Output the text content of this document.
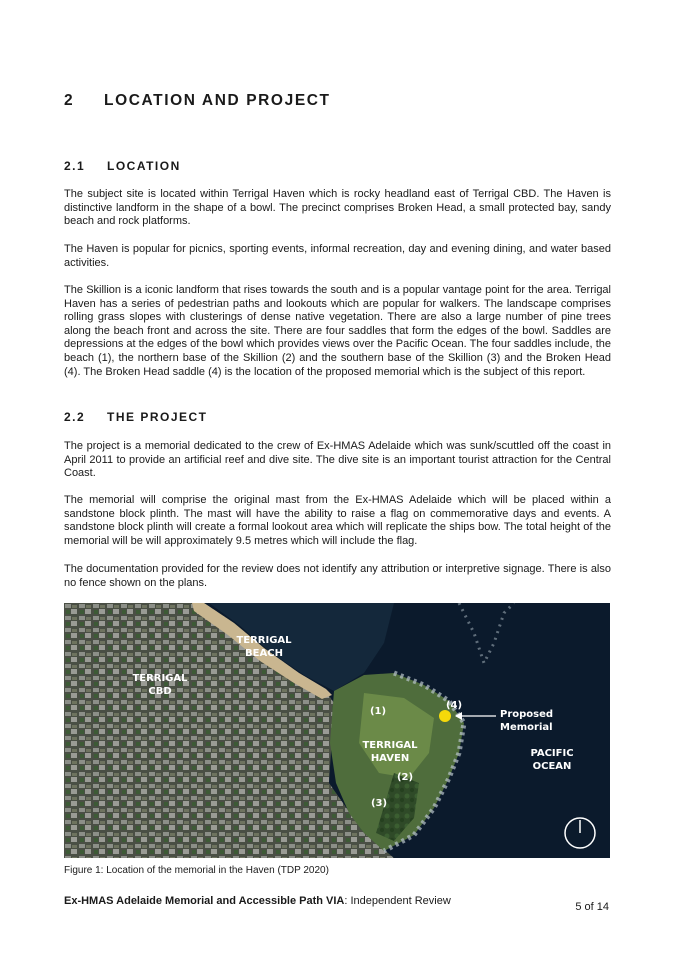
2 LOCATION AND PROJECT
2.1 LOCATION

The subject site is located within Terrigal Haven which is rocky headland east of Terrigal CBD. The Haven is distinctive landform in the shape of a bowl. The precinct comprises Broken Head, a small protected bay, sandy beach and rock platforms.

The Haven is popular for picnics, sporting events, informal recreation, day and evening dining, and water based activities.

The Skillion is a iconic landform that rises towards the south and is a popular vantage point for the area. Terrigal Haven has a series of pedestrian paths and lookouts which are popular for walkers. The landscape comprises rolling grass slopes with clusterings of dense native vegetation. There are also a large number of pine trees along the beach front and across the site. There are four saddles that form the edges of the bowl. Saddles are depressions at the edges of the bowl which provides views over the Pacific Ocean. The four saddles include, the beach (1), the northern base of the Skillion (2) and the southern base of the Skillion (3) and the Broken Head (4). The Broken Head saddle (4) is the location of the proposed memorial which is the subject of this report.

2.2 THE PROJECT

The project is a memorial dedicated to the crew of Ex-HMAS Adelaide which was sunk/scuttled off the coast in April 2011 to provide an artificial reef and dive site. The dive site is an important tourist attraction for the Central Coast.

The memorial will comprise the original mast from the Ex-HMAS Adelaide which will be placed within a sandstone block plinth. The mast will have the ability to raise a flag on commemorative days and events. A sandstone block plinth will create a formal lookout area which will replicate the ships bow. The total height of the memorial will be will approximately 9.5 metres which will include the flag.

The documentation provided for the review does not identify any attribution or interpretive signage. There is also no fence shown on the plans.

TERRIGAL
BEACH
TERRIGAL
CBD
TERRIGAL
HAVEN	PACIFIC
OCEAN
Proposed
Memorial
(1)
(2)
(3)
(4)

Figure 1: Location of the memorial in the Haven (TDP 2020)

Ex-HMAS Adelaide Memorial and Accessible Path VIA: Independent Review	5 of 14
